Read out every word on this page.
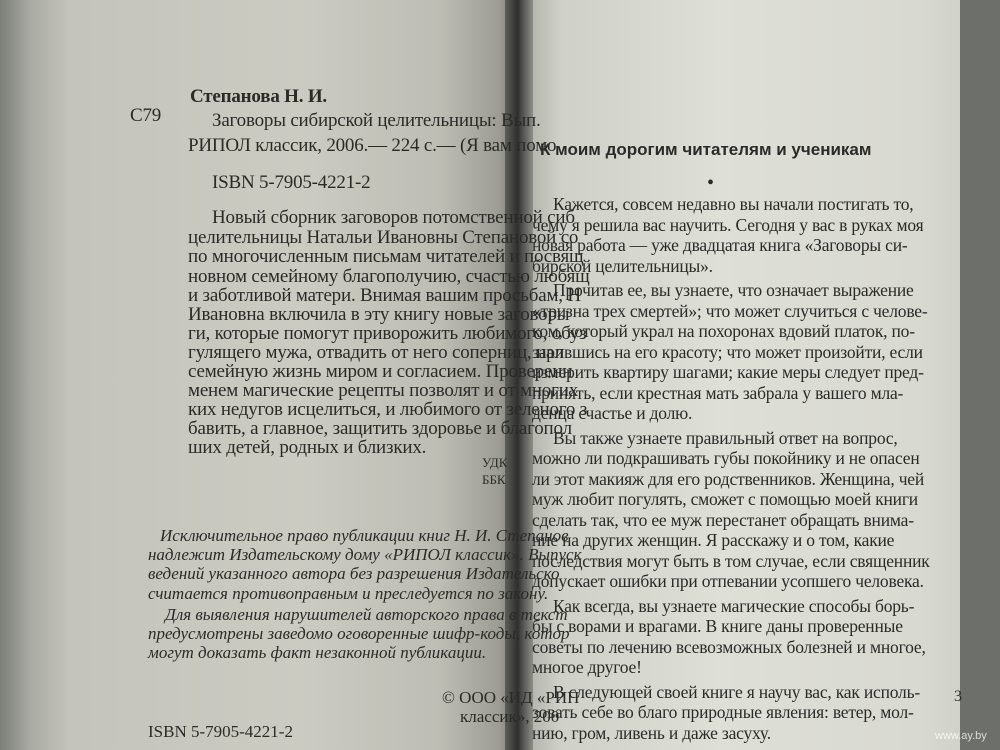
С79
Степанова Н. И.
Заговоры сибирской целительницы: Вып.
РИПОЛ классик, 2006.— 224 с.— (Я вам помо
ISBN 5-7905-4221-2
Новый сборник заговоров потомственной сиб
целительницы Натальи Ивановны Степановой со
по многочисленным письмам читателей и посвящ
новном семейному благополучию, счастью любящ
и заботливой матери. Внимая вашим просьбам, Н
Ивановна включила в эту книгу новые заговоры
ги, которые помогут приворожить любимого, обуз
гулящего мужа, отвадить от него соперниц, нал
семейную жизнь миром и согласием. Проверенн
менем магические рецепты позволят и от многих
ких недугов исцелиться, и любимого от зеленого з
бавить, а главное, защитить здоровье и благопол
ших детей, родных и близких.
УДК
ББК
Исключительное право публикации книг Н. И. Степанов
надлежит Издательскому дому «РИПОЛ классик». Выпуск
ведений указанного автора без разрешения Издательско
считается противоправным и преследуется по закону.
Для выявления нарушителей авторского права в текст
предусмотрены заведомо оговоренные шифр-коды, котор
могут доказать факт незаконной публикации.
© ООО «ИД «РИП
классик», 200
ISBN 5-7905-4221-2
К моим дорогим читателям и ученикам
•
Кажется, совсем недавно вы начали постигать то,
чему я решила вас научить. Сегодня у вас в руках моя
новая работа — уже двадцатая книга «Заговоры си-
бирской целительницы».
Прочитав ее, вы узнаете, что означает выражение
«тризна трех смертей»; что может случиться с челове-
ком, который украл на похоронах вдовий платок, по-
зарившись на его красоту; что может произойти, если
измерить квартиру шагами; какие меры следует пред-
принять, если крестная мать забрала у вашего мла-
денца счастье и долю.
Вы также узнаете правильный ответ на вопрос,
можно ли подкрашивать губы покойнику и не опасен
ли этот макияж для его родственников. Женщина, чей
муж любит погулять, сможет с помощью моей книги
сделать так, что ее муж перестанет обращать внима-
ние на других женщин. Я расскажу и о том, какие
последствия могут быть в том случае, если священник
допускает ошибки при отпевании усопшего человека.
Как всегда, вы узнаете магические способы борь-
бы с ворами и врагами. В книге даны проверенные
советы по лечению всевозможных болезней и многое,
многое другое!
В следующей своей книге я научу вас, как исполь-
зовать себе во благо природные явления: ветер, мол-
нию, гром, ливень и даже засуху.
3
www.ay.by
